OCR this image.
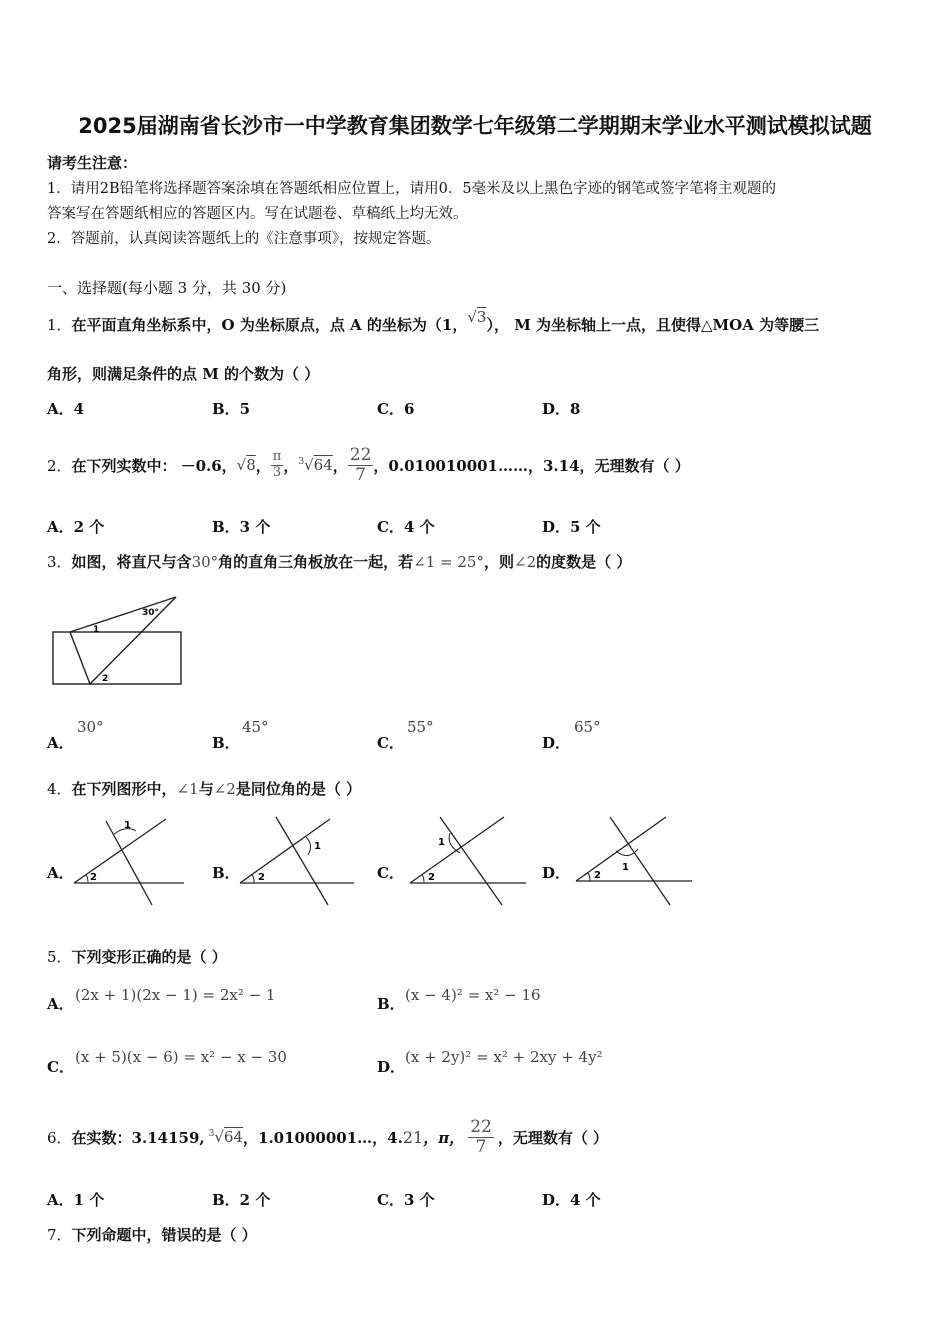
2025届湖南省长沙市一中学教育集团数学七年级第二学期期末学业水平测试模拟试题
请考生注意：
1．请用2B铅笔将选择题答案涂填在答题纸相应位置上，请用0．5毫米及以上黑色字迹的钢笔或签字笔将主观题的
答案写在答题纸相应的答题区内。写在试题卷、草稿纸上均无效。
2．答题前，认真阅读答题纸上的《注意事项》，按规定答题。
一、选择题(每小题 3 分，共 30 分)
1．在平面直角坐标系中，O 为坐标原点，点 A 的坐标为（1，√3）， M 为坐标轴上一点，且使得△MOA 为等腰三
角形，则满足条件的点 M 的个数为（ ）
A．4	B．5	C．6	D．8
2． 在下列实数中： －0.6， √8 ， $\frac{\pi}{3}$ ， $^3$√64 ， $\frac{22}{7}$ ，0.010010001……，3.14，无理数有（ ）
A．2 个	B．3 个	C．4 个	D．5 个
3．如图，将直尺与含30°角的直角三角板放在一起，若∠1 = 25°，则∠2的度数是（ ）
30°
1
2
A．
30°
B．
45°
C．
55°
D．
65°
4．在下列图形中，∠1与∠2是同位角的是（ ）
A．
1
2	B．
1
2	C．
1
2	D．	1
2
5．下列变形正确的是（ ）
A． (2x + 1)(2x − 1) = 2x² − 1	B． (x − 4)² = x² − 16
C．
(x + 5)(x − 6) = x² − x − 30
D．
(x + 2y)² = x² + 2xy + 4y²
6． 在实数：3.14159, $^3$√64 ，1.01000001…，4. 21 ，π， $\frac{22}{7}$ ，无理数有（ ）
A．1 个	B．2 个	C．3 个	D．4 个
7．下列命题中，错误的是（ ）
